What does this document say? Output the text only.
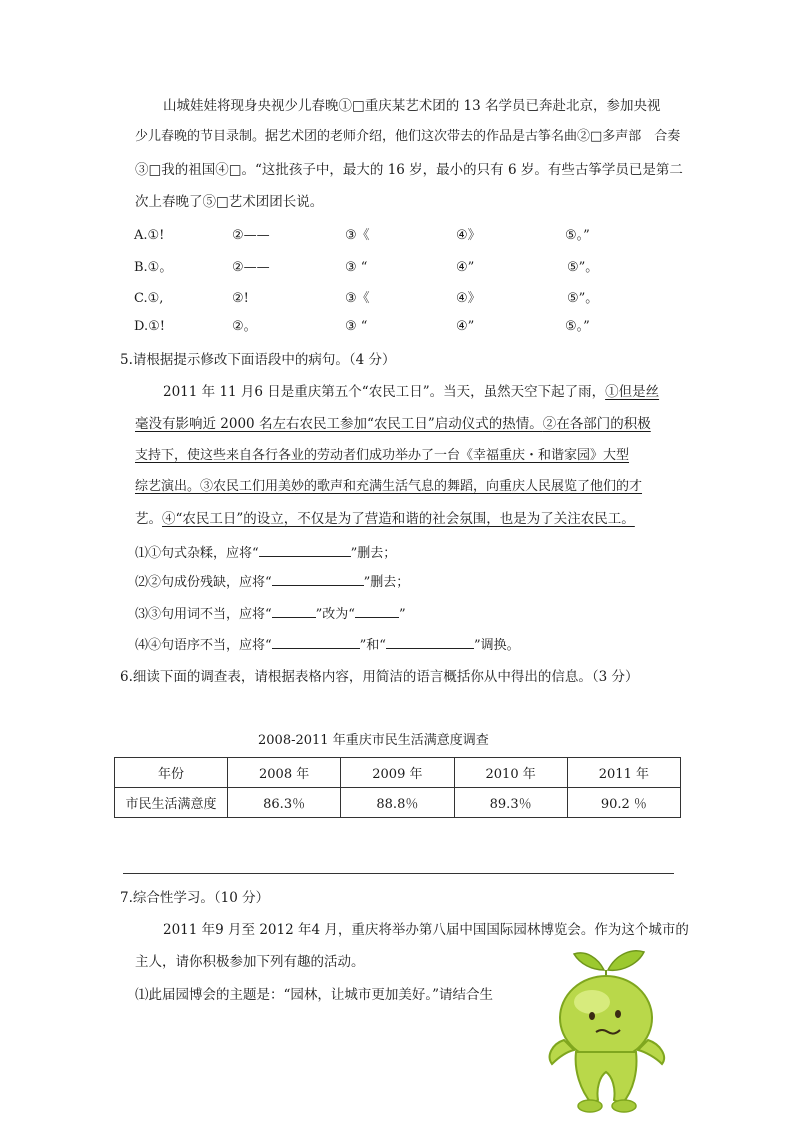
山城娃娃将现身央视少儿春晚①□重庆某艺术团的 13 名学员已奔赴北京，参加央视
少儿春晚的节目录制。据艺术团的老师介绍，他们这次带去的作品是古筝名曲②□多声部　合奏
③□我的祖国④□。“这批孩子中，最大的 16 岁，最小的只有 6 岁。有些古筝学员已是第二
次上春晚了⑤□艺术团团长说。
A.①!	②——	③《	④》	⑤。”
B.①。	②——	③ “	④”	⑤”。
C.①,	②!	③《	④》	⑤”。
D.①!	②。	③ “	④”	⑤。”
5.请根据提示修改下面语段中的病句。（4 分）
2011 年 11 月6 日是重庆第五个“农民工日”。当天，虽然天空下起了雨，①但是丝
毫没有影响近 2000 名左右农民工参加“农民工日”启动仪式的热情。②在各部门的积极
支持下，使这些来自各行各业的劳动者们成功举办了一台《幸福重庆・和谐家园》大型
综艺演出。③农民工们用美妙的歌声和充满生活气息的舞蹈，向重庆人民展览了他们的才
艺。④“农民工日”的设立，不仅是为了营造和谐的社会氛围，也是为了关注农民工。
⑴①句式杂糅，应将“	”删去；
⑵②句成份残缺，应将“	”删去；
⑶③句用词不当，应将“	”改为“	”
⑷④句语序不当，应将“	”和“	”调换。
6.细读下面的调查表，请根据表格内容，用简洁的语言概括你从中得出的信息。（3 分）
2008-2011 年重庆市民生活满意度调查
年份	2008 年	2009 年	2010 年	2011 年
市民生活满意度	86.3％	88.8％	89.3％	90.2 ％
7.综合性学习。（10 分）
2011 年9 月至 2012 年4 月，重庆将举办第八届中国国际园林博览会。作为这个城市的
主人，请你积极参加下列有趣的活动。
⑴此届园博会的主题是：“园林，让城市更加美好。”请结合生
